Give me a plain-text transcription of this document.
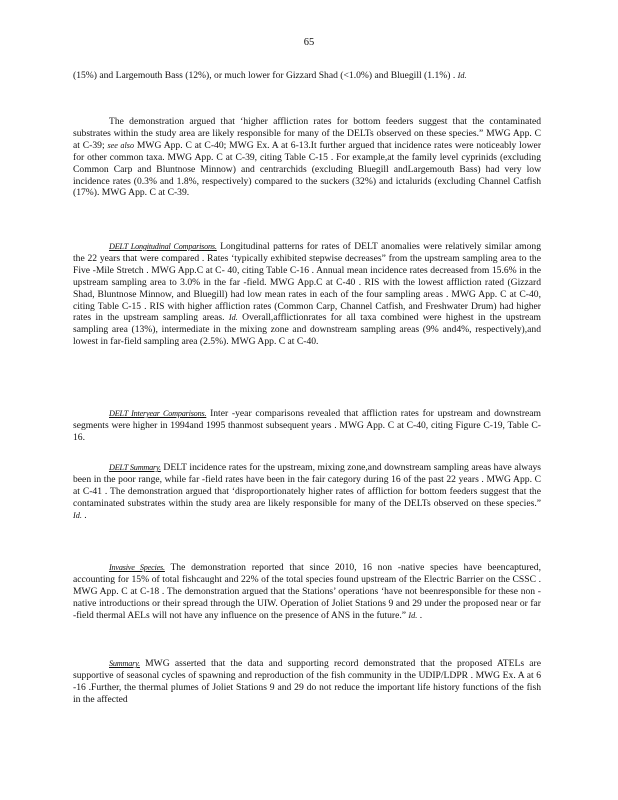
65

(15%) and Largemouth Bass (12%), or much lower for Gizzard Shad (<1.0%) and Bluegill (1.1%) . Id.

The demonstration argued that ‘higher affliction rates for bottom feeders suggest that the contaminated substrates within the study area are likely responsible for many of the DELTs observed on these species.” MWG App. C at C-39; see also MWG App. C at C-40; MWG Ex. A at 6-13.It further argued that incidence rates were noticeably lower for other common taxa. MWG App. C at C-39, citing Table C-15 . For example,at the family level cyprinids (excluding Common Carp and Bluntnose Minnow) and centrarchids (excluding Bluegill andLargemouth Bass) had very low incidence rates (0.3% and 1.8%, respectively) compared to the suckers (32%) and ictalurids (excluding Channel Catfish (17%). MWG App. C at C-39.

DELT Longitudinal Comparisons. Longitudinal patterns for rates of DELT anomalies were relatively similar among the 22 years that were compared . Rates ‘typically exhibited stepwise decreases” from the upstream sampling area to the Five -Mile Stretch . MWG App.C at C- 40, citing Table C-16 . Annual mean incidence rates decreased from 15.6% in the upstream sampling area to 3.0% in the far -field. MWG App.C at C-40 . RIS with the lowest affliction rated (Gizzard Shad, Bluntnose Minnow, and Bluegill) had low mean rates in each of the four sampling areas . MWG App. C at C-40, citing Table C-15 . RIS with higher affliction rates (Common Carp, Channel Catfish, and Freshwater Drum) had higher rates in the upstream sampling areas. Id. Overall,afflictionrates for all taxa combined were highest in the upstream sampling area (13%), intermediate in the mixing zone and downstream sampling areas (9% and4%, respectively),and lowest in far-field sampling area (2.5%). MWG App. C at C-40.

DELT Interyear Comparisons. Inter -year comparisons revealed that affliction rates for upstream and downstream segments were higher in 1994and 1995 thanmost subsequent years . MWG App. C at C-40, citing Figure C-19, Table C-16.

DELT Summary. DELT incidence rates for the upstream, mixing zone,and downstream sampling areas have always been in the poor range, while far -field rates have been in the fair category during 16 of the past 22 years . MWG App. C at C-41 . The demonstration argued that ‘disproportionately higher rates of affliction for bottom feeders suggest that the contaminated substrates within the study area are likely responsible for many of the DELTs observed on these species.” Id. .

Invasive Species. The demonstration reported that since 2010, 16 non -native species have beencaptured, accounting for 15% of total fishcaught and 22% of the total species found upstream of the Electric Barrier on the CSSC . MWG App. C at C-18 . The demonstration argued that the Stations’ operations ‘have not beenresponsible for these non -native introductions or their spread through the UIW. Operation of Joliet Stations 9 and 29 under the proposed near or far -field thermal AELs will not have any influence on the presence of ANS in the future.” Id. .

Summary. MWG asserted that the data and supporting record demonstrated that the proposed ATELs are supportive of seasonal cycles of spawning and reproduction of the fish community in the UDIP/LDPR . MWG Ex. A at 6 -16 .Further, the thermal plumes of Joliet Stations 9 and 29 do not reduce the important life history functions of the fish in the affected
